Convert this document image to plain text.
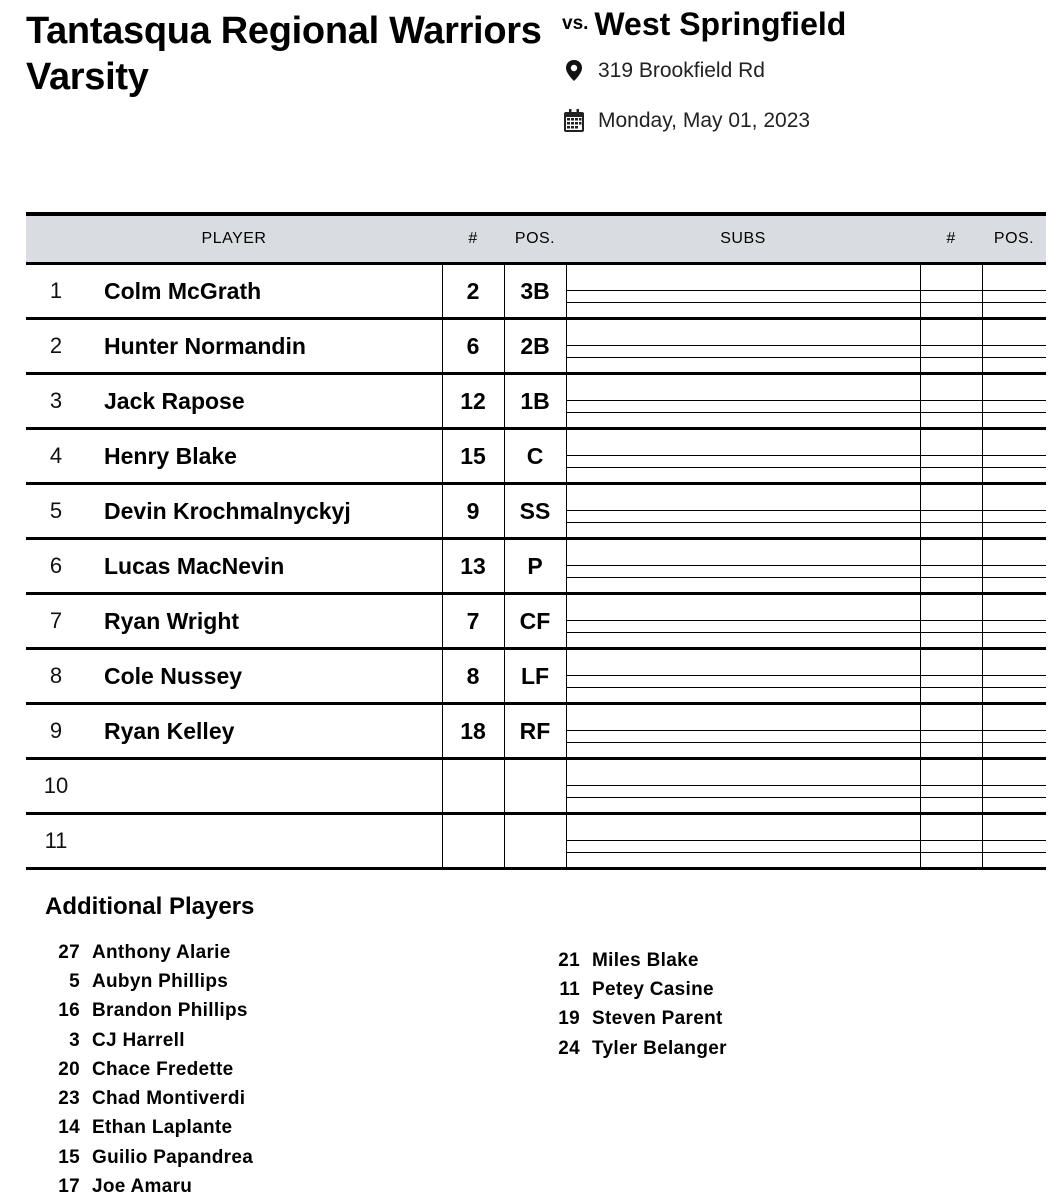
Tantasqua Regional Warriors Varsity
vs. West Springfield
319 Brookfield Rd
Monday, May 01, 2023
PLAYER		#	POS.	SUBS	#	POS.
1	Colm McGrath	2	3B	

2	Hunter Normandin	6	2B	

3	Jack Rapose	12	1B	

4	Henry Blake	15	C	

5	Devin Krochmalnyckyj	9	SS	

6	Lucas MacNevin	13	P	

7	Ryan Wright	7	CF	

8	Cole Nussey	8	LF	

9	Ryan Kelley	18	RF	

10				

11				

Additional Players
27 Anthony Alarie
5 Aubyn Phillips
16 Brandon Phillips
3 CJ Harrell
20 Chace Fredette
23 Chad Montiverdi
14 Ethan Laplante
15 Guilio Papandrea
17 Joe Amaru
21 Miles Blake
11 Petey Casine
19 Steven Parent
24 Tyler Belanger
